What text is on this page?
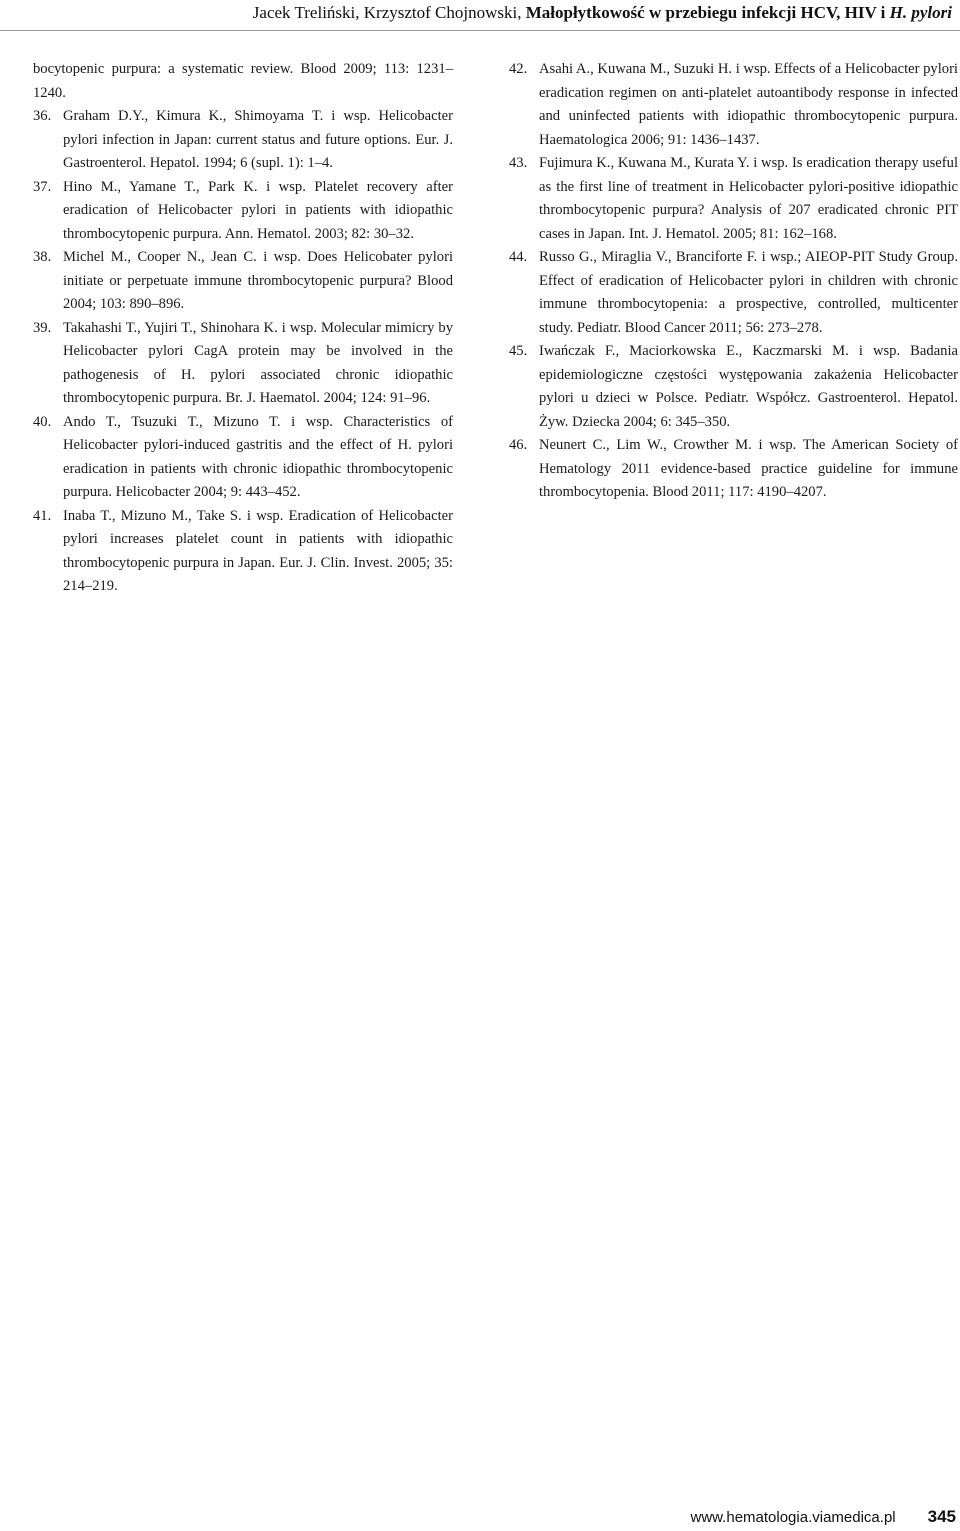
Jacek Treliński, Krzysztof Chojnowski, Małopłytkowość w przebiegu infekcji HCV, HIV i H. pylori

bocytopenic purpura: a systematic review. Blood 2009; 113: 1231–1240.

36. Graham D.Y., Kimura K., Shimoyama T. i wsp. Helicobacter pylori infection in Japan: current status and future options. Eur. J. Gastroenterol. Hepatol. 1994; 6 (supl. 1): 1–4.
37. Hino M., Yamane T., Park K. i wsp. Platelet recovery after eradication of Helicobacter pylori in patients with idiopathic thrombocytopenic purpura. Ann. Hematol. 2003; 82: 30–32.
38. Michel M., Cooper N., Jean C. i wsp. Does Helicobater pylori initiate or perpetuate immune thrombocytopenic purpura? Blood 2004; 103: 890–896.
39. Takahashi T., Yujiri T., Shinohara K. i wsp. Molecular mimicry by Helicobacter pylori CagA protein may be involved in the pathogenesis of H. pylori associated chronic idiopathic thrombocytopenic purpura. Br. J. Haematol. 2004; 124: 91–96.
40. Ando T., Tsuzuki T., Mizuno T. i wsp. Characteristics of Helicobacter pylori-induced gastritis and the effect of H. pylori eradication in patients with chronic idiopathic thrombocytopenic purpura. Helicobacter 2004; 9: 443–452.
41. Inaba T., Mizuno M., Take S. i wsp. Eradication of Helicobacter pylori increases platelet count in patients with idiopathic thrombocytopenic purpura in Japan. Eur. J. Clin. Invest. 2005; 35: 214–219.
42. Asahi A., Kuwana M., Suzuki H. i wsp. Effects of a Helicobacter pylori eradication regimen on anti-platelet autoantibody response in infected and uninfected patients with idiopathic thrombocytopenic purpura. Haematologica 2006; 91: 1436–1437.
43. Fujimura K., Kuwana M., Kurata Y. i wsp. Is eradication therapy useful as the first line of treatment in Helicobacter pylori-positive idiopathic thrombocytopenic purpura? Analysis of 207 eradicated chronic PIT cases in Japan. Int. J. Hematol. 2005; 81: 162–168.
44. Russo G., Miraglia V., Branciforte F. i wsp.; AIEOP-PIT Study Group. Effect of eradication of Helicobacter pylori in children with chronic immune thrombocytopenia: a prospective, controlled, multicenter study. Pediatr. Blood Cancer 2011; 56: 273–278.
45. Iwańczak F., Maciorkowska E., Kaczmarski M. i wsp. Badania epidemiologiczne częstości występowania zakażenia Helicobacter pylori u dzieci w Polsce. Pediatr. Współcz. Gastroenterol. Hepatol. Żyw. Dziecka 2004; 6: 345–350.
46. Neunert C., Lim W., Crowther M. i wsp. The American Society of Hematology 2011 evidence-based practice guideline for immune thrombocytopenia. Blood 2011; 117: 4190–4207.
www.hematologia.viamedica.pl 345
